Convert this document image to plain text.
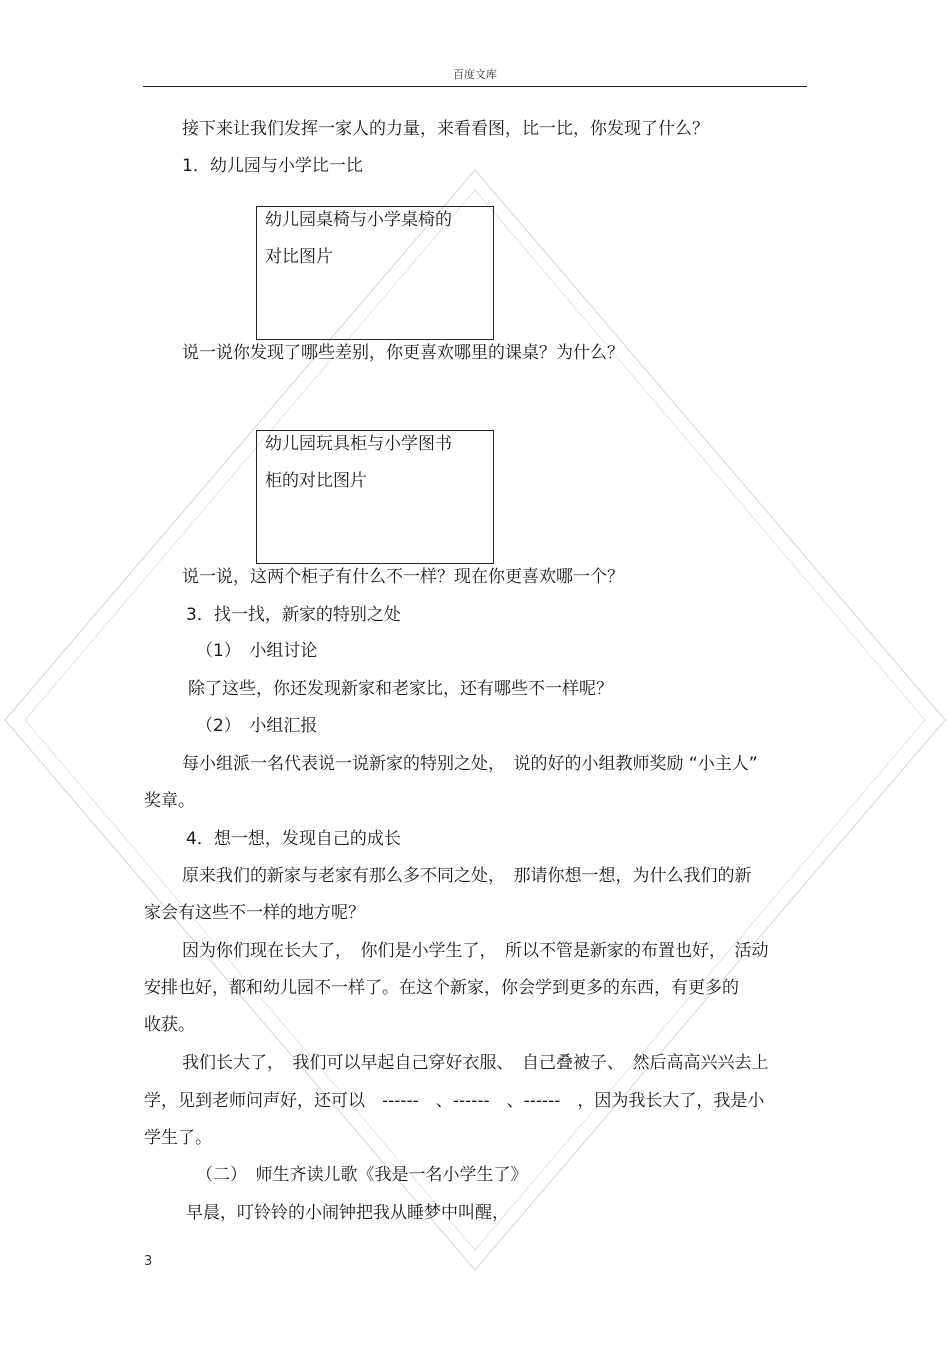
百度文库
接下来让我们发挥一家人的力量，来看看图，比一比，你发现了什么？
1．幼儿园与小学比一比
幼儿园桌椅与小学桌椅的
对比图片
说一说你发现了哪些差别，你更喜欢哪里的课桌？为什么？
幼儿园玩具柜与小学图书
柜的对比图片
说一说，这两个柜子有什么不一样？现在你更喜欢哪一个？
3．找一找，新家的特别之处
（1）　小组讨论
除了这些，你还发现新家和老家比，还有哪些不一样呢？
（2）　小组汇报
每小组派一名代表说一说新家的特别之处，　说的好的小组教师奖励 “小主人”
奖章。
4．想一想，发现自己的成长
原来我们的新家与老家有那么多不同之处，　那请你想一想，为什么我们的新
家会有这些不一样的地方呢？
因为你们现在长大了，　你们是小学生了，　所以不管是新家的布置也好，　活动
安排也好，都和幼儿园不一样了。在这个新家，你会学到更多的东西，有更多的
收获。
我们长大了，　我们可以早起自己穿好衣服、　自己叠被子、　然后高高兴兴去上
学，见到老师问声好，还可以　------　、------　、------　，因为我长大了，我是小
学生了。
（二）　师生齐读儿歌《我是一名小学生了》
早晨，叮铃铃的小闹钟把我从睡梦中叫醒，
3
